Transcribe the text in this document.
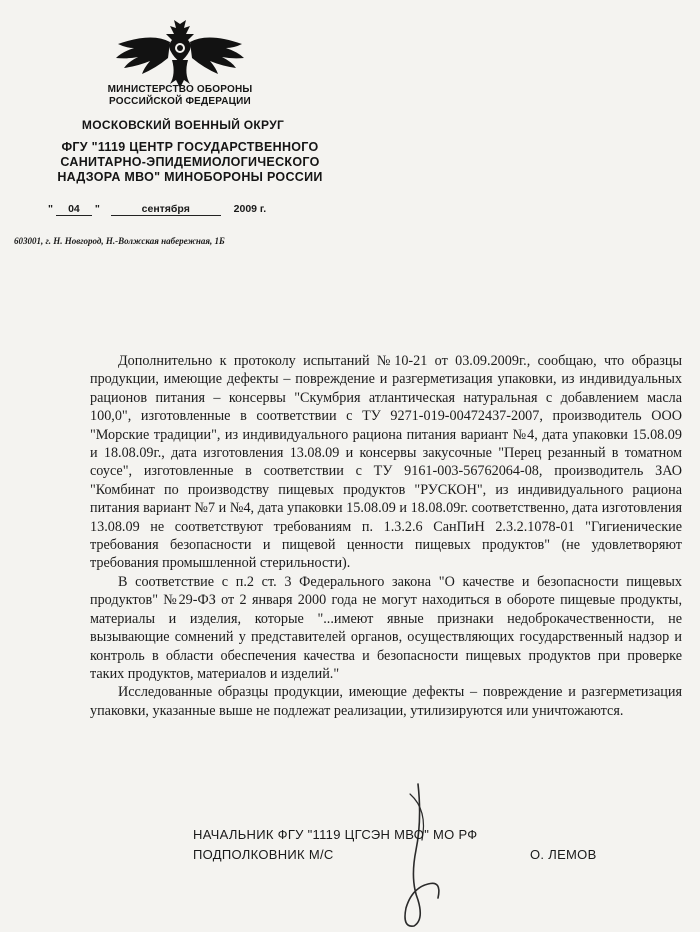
МИНИСТЕРСТВО ОБОРОНЫ
РОССИЙСКОЙ ФЕДЕРАЦИИ
МОСКОВСКИЙ ВОЕННЫЙ ОКРУГ
ФГУ "1119 ЦЕНТР ГОСУДАРСТВЕННОГО
САНИТАРНО-ЭПИДЕМИОЛОГИЧЕСКОГО
НАДЗОРА МВО" МИНОБОРОНЫ РОССИИ
" 04 "	сентября	2009 г.
603001, г. Н. Новгород, Н.-Волжская набережная, 1Б

Дополнительно к протоколу испытаний №10-21 от 03.09.2009г., сообщаю, что образцы продукции, имеющие дефекты – повреждение и разгерметизация упаковки, из индивидуальных рационов питания – консервы "Скумбрия атлантическая натуральная с добавлением масла 100,0", изготовленные в соответствии с ТУ 9271-019-00472437-2007, производитель ООО "Морские традиции", из индивидуального рациона питания вариант №4, дата упаковки 15.08.09 и 18.08.09г., дата изготовления 13.08.09 и консервы закусочные "Перец резанный в томатном соусе", изготовленные в соответствии с ТУ 9161-003-56762064-08, производитель ЗАО "Комбинат по производству пищевых продуктов "РУСКОН", из индивидуального рациона питания вариант №7 и №4, дата упаковки 15.08.09 и 18.08.09г. соответственно, дата изготовления 13.08.09 не соответствуют требованиям п. 1.3.2.6 СанПиН 2.3.2.1078-01 "Гигиенические требования безопасности и пищевой ценности пищевых продуктов" (не удовлетворяют требования промышленной стерильности).

В соответствие с п.2 ст. 3 Федерального закона "О качестве и безопасности пищевых продуктов" №29-ФЗ от 2 января 2000 года не могут находиться в обороте пищевые продукты, материалы и изделия, которые "...имеют явные признаки недоброкачественности, не вызывающие сомнений у представителей органов, осуществляющих государственный надзор и контроль в области обеспечения качества и безопасности пищевых продуктов при проверке таких продуктов, материалов и изделий."

Исследованные образцы продукции, имеющие дефекты – повреждение и разгерметизация упаковки, указанные выше не подлежат реализации, утилизируются или уничтожаются.

НАЧАЛЬНИК ФГУ "1119 ЦГСЭН МВО" МО РФ
ПОДПОЛКОВНИК М/С	О. ЛЕМОВ
